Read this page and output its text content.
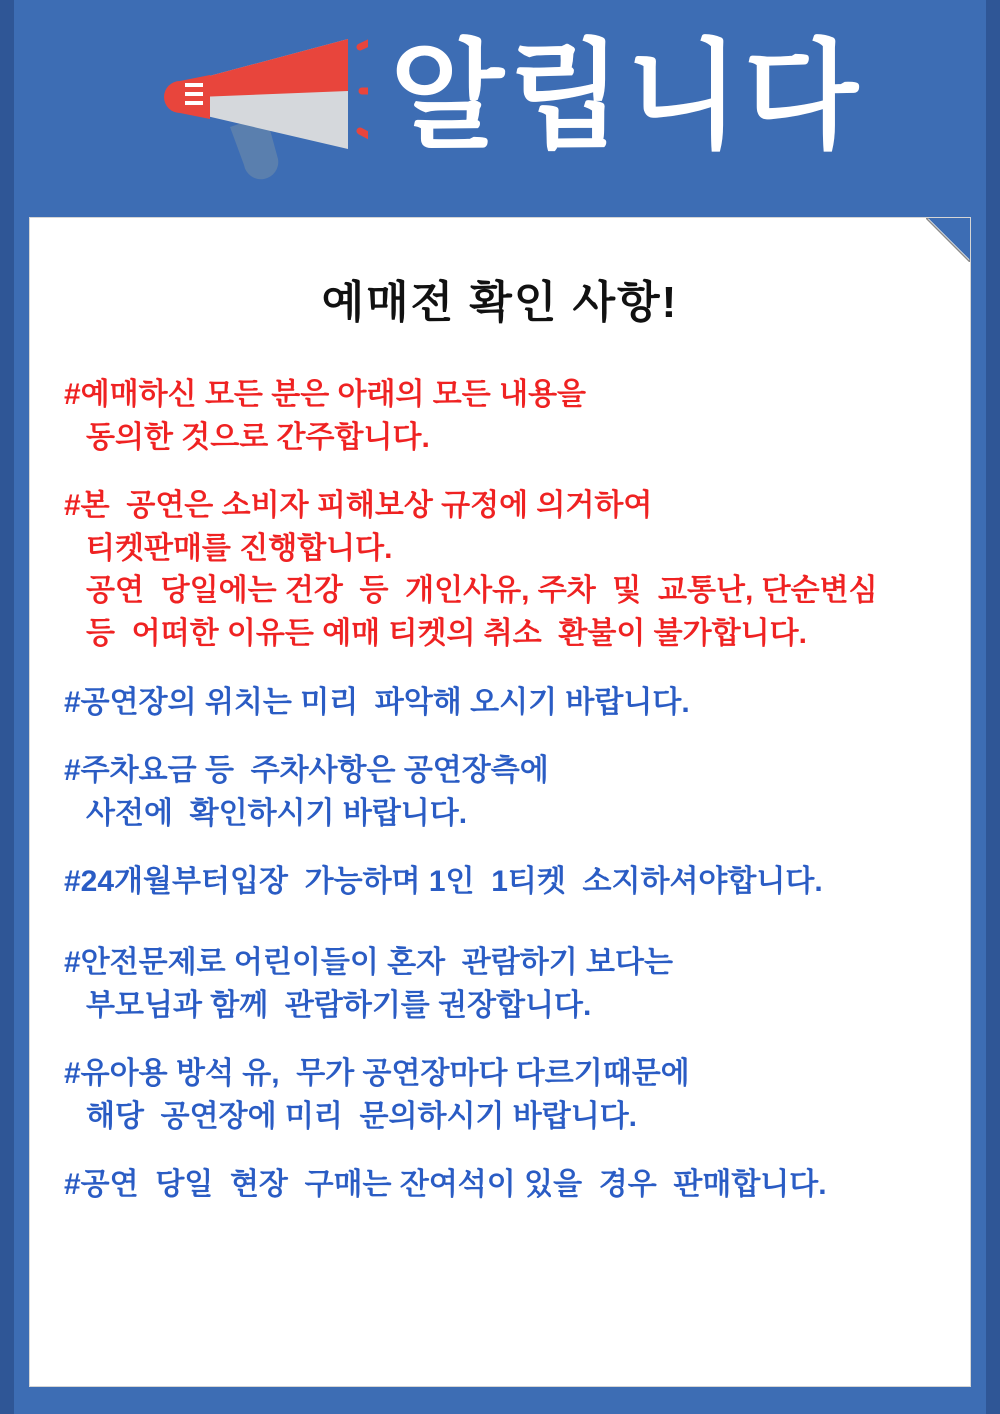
알립니다
예매전 확인 사항!
#예매하신 모든 분은 아래의 모든 내용을
동의한 것으로 간주합니다.
#본  공연은 소비자 피해보상 규정에 의거하여
티켓판매를 진행합니다.
공연  당일에는 건강  등  개인사유, 주차  및  교통난, 단순변심
등  어떠한 이유든 예매 티켓의 취소  환불이 불가합니다.
#공연장의 위치는 미리  파악해 오시기 바랍니다.
#주차요금 등  주차사항은 공연장측에
사전에  확인하시기 바랍니다.
#24개월부터입장  가능하며 1인  1티켓  소지하셔야합니다.
#안전문제로 어린이들이 혼자  관람하기 보다는
부모님과 함께  관람하기를 권장합니다.
#유아용 방석 유,  무가 공연장마다 다르기때문에
해당  공연장에 미리  문의하시기 바랍니다.
#공연  당일  현장  구매는 잔여석이 있을  경우  판매합니다.
